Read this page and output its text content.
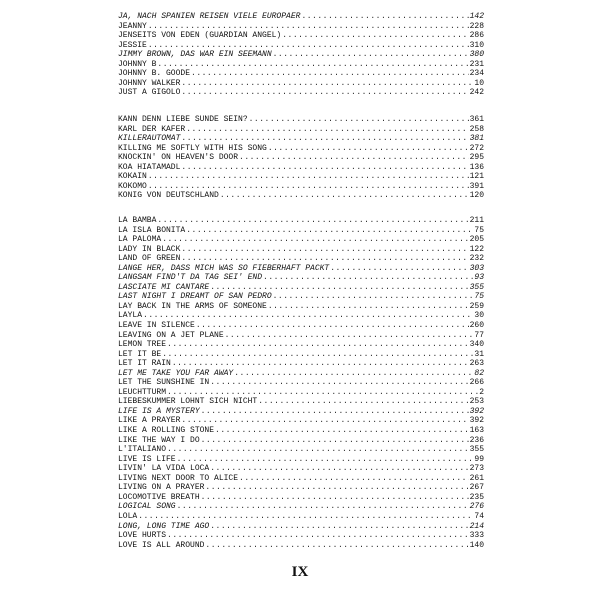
JA, NACH SPANIEN REISEN VIELE EUROPÄER .....	142
JEANNY .....	228
JENSEITS VON EDEN (GUARDIAN ANGEL) .....	286
JESSIE .....	310
JIMMY BROWN, DAS WAR EIN SEEMANN .....	380
JOHNNY B .....	231
JOHNNY B. GOODE .....	234
JOHNNY WALKER .....	10
JUST A GIGOLO .....	242
KANN DENN LIEBE SÜNDE SEIN? .....	361
KARL DER KÄFER .....	258
KILLERAUTOMAT .....	381
KILLING ME SOFTLY WITH HIS SONG .....	272
KNOCKIN' ON HEAVEN'S DOOR .....	295
KOA HIATAMADL .....	136
KOKAIN .....	121
KOKOMO .....	391
KÖNIG VON DEUTSCHLAND .....	120
LA BAMBA .....	211
LA ISLA BONITA .....	75
LA PALOMA .....	205
LADY IN BLACK .....	122
LAND OF GREEN .....	232
LANGE HER, DASS MICH WAS SO FIEBERHAFT PACKT .....	303
LANGSAM FIND'T DA TAG SEI' END .....	93
LASCIATE MI CANTARE .....	355
LAST NIGHT I DREAMT OF SAN PEDRO .....	75
LAY BACK IN THE ARMS OF SOMEONE .....	259
LAYLA .....	30
LEAVE IN SILENCE .....	260
LEAVING ON A JET PLANE .....	77
LEMON TREE .....	340
LET IT BE .....	31
LET IT RAIN .....	263
LET ME TAKE YOU FAR AWAY .....	82
LET THE SUNSHINE IN .....	266
LEUCHTTURM .....	2
LIEBESKUMMER LOHNT SICH NICHT .....	253
LIFE IS A MYSTERY .....	392
LIKE A PRAYER .....	392
LIKE A ROLLING STONE .....	163
LIKE THE WAY I DO .....	236
L'ITALIANO .....	355
LIVE IS LIFE .....	99
LIVIN' LA VIDA LOCA .....	273
LIVING NEXT DOOR TO ALICE .....	261
LIVING ON A PRAYER .....	267
LOCOMOTIVE BREATH .....	235
LOGICAL SONG .....	276
LOLA .....	74
LONG, LONG TIME AGO .....	214
LOVE HURTS .....	333
LOVE IS ALL AROUND .....	140
IX
